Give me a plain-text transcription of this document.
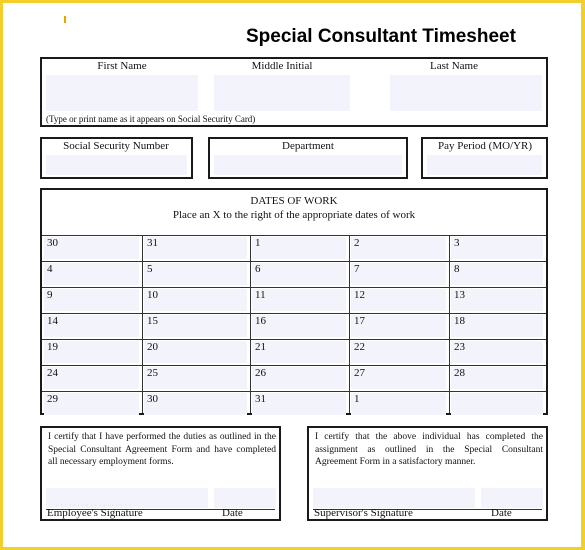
Special Consultant Timesheet
First Name	Middle Initial	Last Name
(Type or print name as it appears on Social Security Card)
Social Security Number	Department	Pay Period (MO/YR)
DATES OF WORK
Place an X to the right of the appropriate dates of work
30	31	1	2	3
4	5	6	7	8
9	10	11	12	13
14	15	16	17	18
19	20	21	22	23
24	25	26	27	28
29	30	31	1
I certify that I have performed the duties as outlined in the Special Consultant Agreement Form and have completed all necessary employment forms.
· · · · · · · · · · · · · · · · · ·
Employee's Signature	Date
I certify that the above individual has completed the assignment as outlined in the Special Consultant Agreement Form in a satisfactory manner.
Supervisor's Signature	Date
